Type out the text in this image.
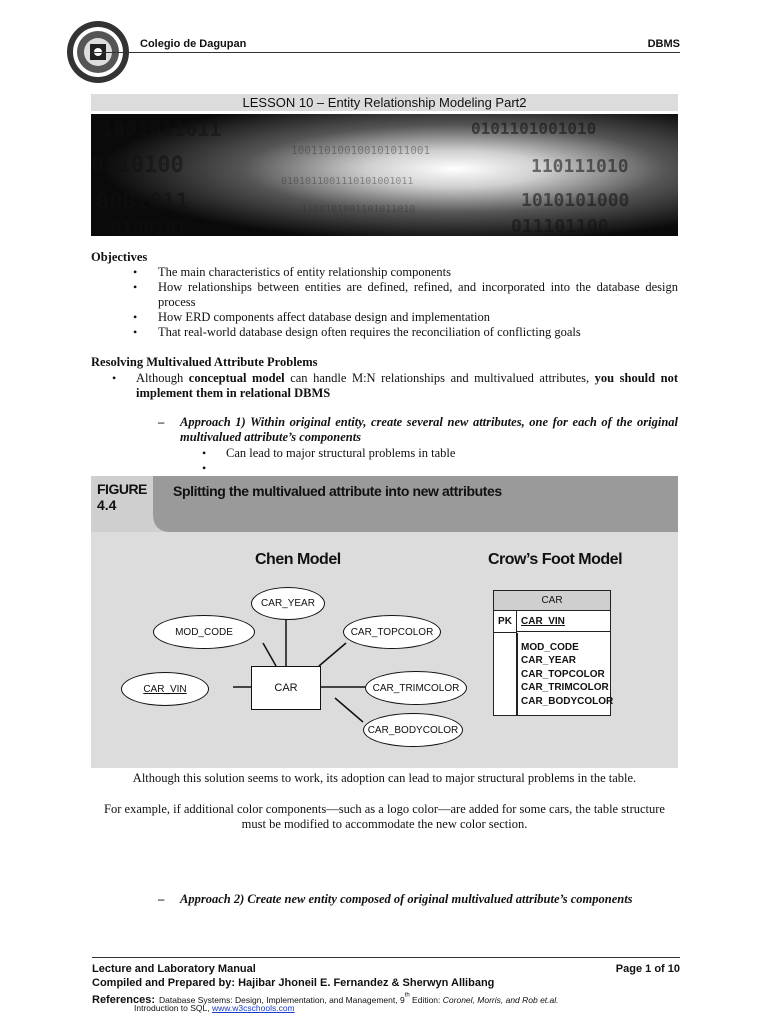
Colegio de Dagupan	DBMS
LESSON 10 – Entity Relationship Modeling Part2
1001011011	0101101001010
0110100	110111010
0001011	1010101000
0100101	011101100
100110100100101011001
0101011001110101001011
1100101001101011010
Objectives
• The main characteristics of entity relationship components
• How relationships between entities are defined, refined, and incorporated into the database design process
• How ERD components affect database design and implementation
• That real-world database design often requires the reconciliation of conflicting goals
Resolving Multivalued Attribute Problems
• Although conceptual model can handle M:N relationships and multivalued attributes, you should not implement them in relational DBMS
– Approach 1) Within original entity, create several new attributes, one for each of the original multivalued attribute’s components
• Can lead to major structural problems in table
•
FIGURE
4.4
Splitting the multivalued attribute into new attributes
Chen Model	Crow’s Foot Model
CAR
CAR_YEAR
MOD_CODE	CAR_TOPCOLOR
CAR_VIN	CAR_TRIMCOLOR
CAR_BODYCOLOR
CAR
PK CAR_VIN
MOD_CODE
CAR_YEAR
CAR_TOPCOLOR
CAR_TRIMCOLOR
CAR_BODYCOLOR
Although this solution seems to work, its adoption can lead to major structural problems in the table.
For example, if additional color components—such as a logo color—are added for some cars, the table structure must be modified to accommodate the new color section.
– Approach 2) Create new entity composed of original multivalued attribute’s components
Lecture and Laboratory Manual	Page 1 of 10
Compiled and Prepared by: Hajibar Jhoneil E. Fernandez & Sherwyn Allibang
References: Database Systems: Design, Implementation, and Management, 9th Edition: Coronel, Morris, and Rob et.al.
Introduction to SQL, www.w3cschools.com
